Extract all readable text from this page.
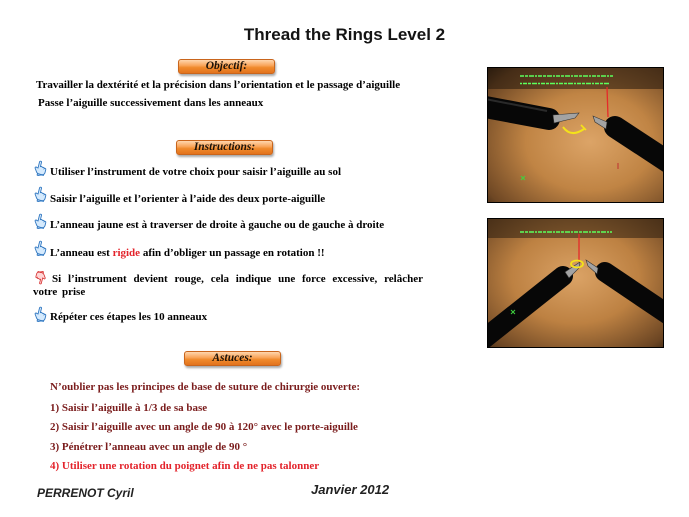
Thread the Rings Level 2
Objectif:
Travailler la dextérité et la précision dans l’orientation et le passage d’aiguille
Passe l’aiguille successivement dans les anneaux
Instructions:
Utiliser l’instrument de votre choix pour saisir l’aiguille au sol
Saisir l’aiguille et l’orienter à l’aide des deux porte-aiguille
L’anneau jaune est à traverser de droite à gauche ou de gauche à droite
L’anneau est rigide afin d’obliger un passage en rotation !!
Si l’instrument devient rouge, cela indique une force excessive, relâcher votre prise
Répéter ces étapes les 10 anneaux
Astuces:
N’oublier pas les principes de base de suture de chirurgie ouverte:
1) Saisir l’aiguille à 1/3 de sa base
2) Saisir l’aiguille avec un angle de 90 à 120° avec le porte-aiguille
3) Pénétrer l’anneau avec un angle de 90 °
4) Utiliser une rotation du poignet afin de ne pas talonner
PERRENOT Cyril	Janvier 2012
